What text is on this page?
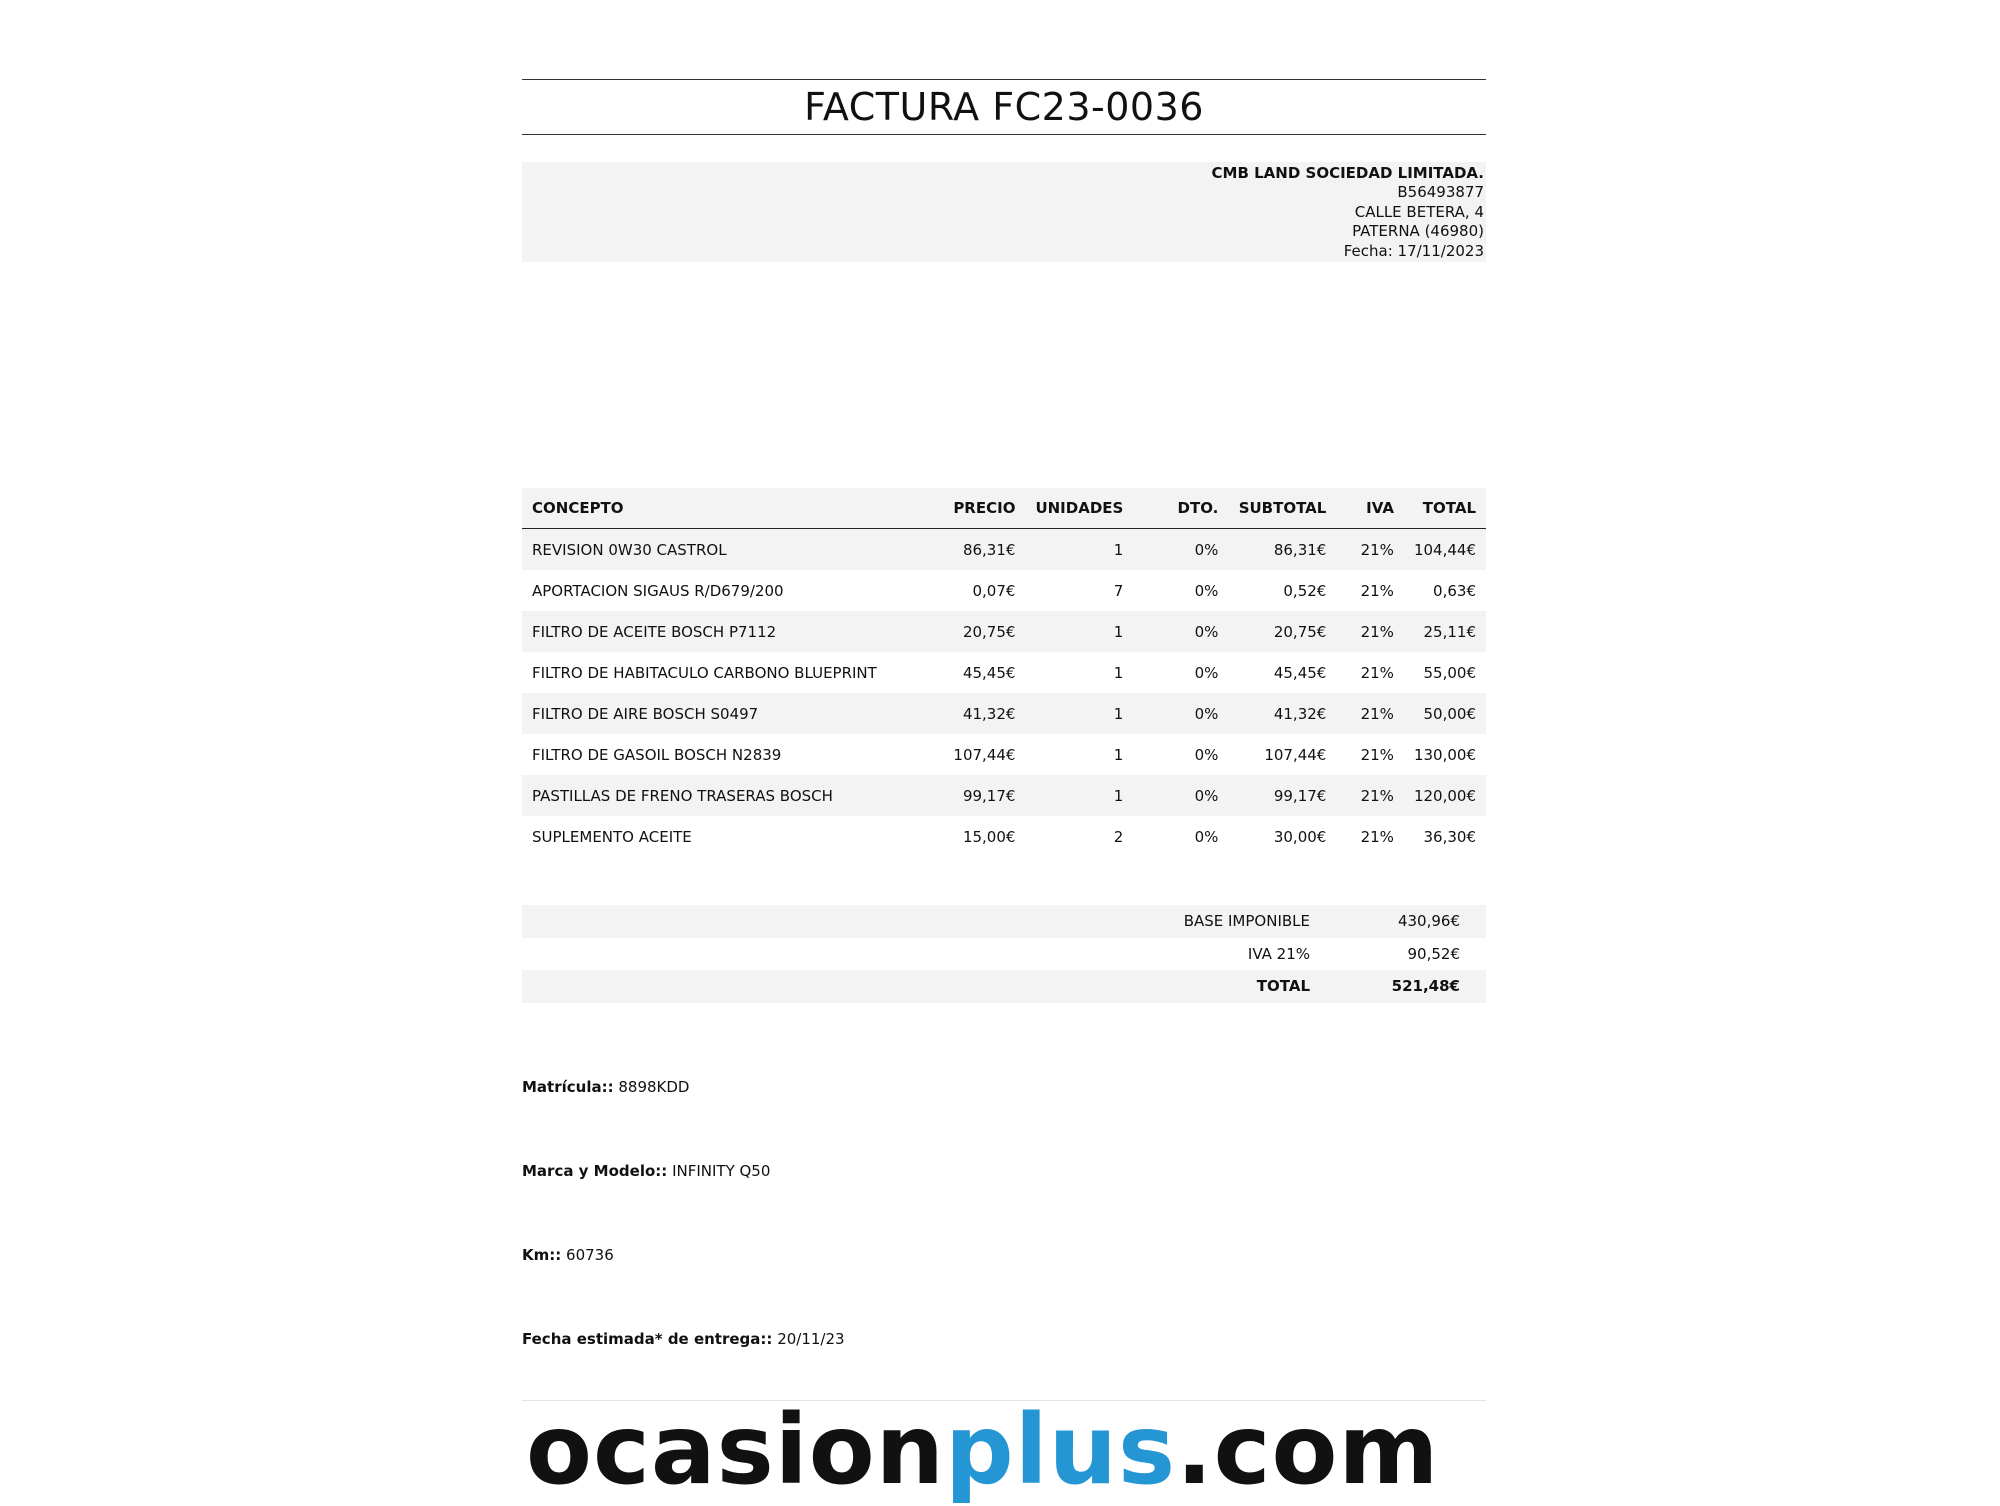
FACTURA FC23-0036
CMB LAND SOCIEDAD LIMITADA.
B56493877
CALLE BETERA, 4
PATERNA (46980)
Fecha: 17/11/2023
CONCEPTO	PRECIO	UNIDADES	DTO.	SUBTOTAL	IVA	TOTAL
REVISION 0W30 CASTROL	86,31€	1	0%	86,31€	21%	104,44€
APORTACION SIGAUS R/D679/200	0,07€	7	0%	0,52€	21%	0,63€
FILTRO DE ACEITE BOSCH P7112	20,75€	1	0%	20,75€	21%	25,11€
FILTRO DE HABITACULO CARBONO BLUEPRINT	45,45€	1	0%	45,45€	21%	55,00€
FILTRO DE AIRE BOSCH S0497	41,32€	1	0%	41,32€	21%	50,00€
FILTRO DE GASOIL BOSCH N2839	107,44€	1	0%	107,44€	21%	130,00€
PASTILLAS DE FRENO TRASERAS BOSCH	99,17€	1	0%	99,17€	21%	120,00€
SUPLEMENTO ACEITE	15,00€	2	0%	30,00€	21%	36,30€
BASE IMPONIBLE	430,96€
IVA 21%	90,52€
TOTAL	521,48€
Matrícula:: 8898KDD
Marca y Modelo:: INFINITY Q50
Km:: 60736
Fecha estimada* de entrega:: 20/11/23
ocasionplus.com
